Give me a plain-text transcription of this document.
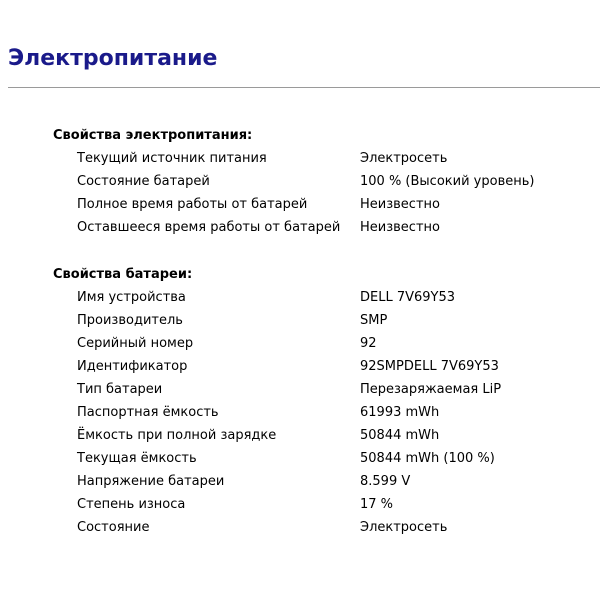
Электропитание
Свойства электропитания:
Текущий источник питания	Электросеть
Состояние батарей	100 % (Высокий уровень)
Полное время работы от батарей	Неизвестно
Оставшееся время работы от батарей	Неизвестно
Свойства батареи:
Имя устройства	DELL 7V69Y53
Производитель	SMP
Серийный номер	92
Идентификатор	92SMPDELL 7V69Y53
Тип батареи	Перезаряжаемая LiP
Паспортная ёмкость	61993 mWh
Ёмкость при полной зарядке	50844 mWh
Текущая ёмкость	50844 mWh (100 %)
Напряжение батареи	8.599 V
Степень износа	17 %
Состояние	Электросеть
